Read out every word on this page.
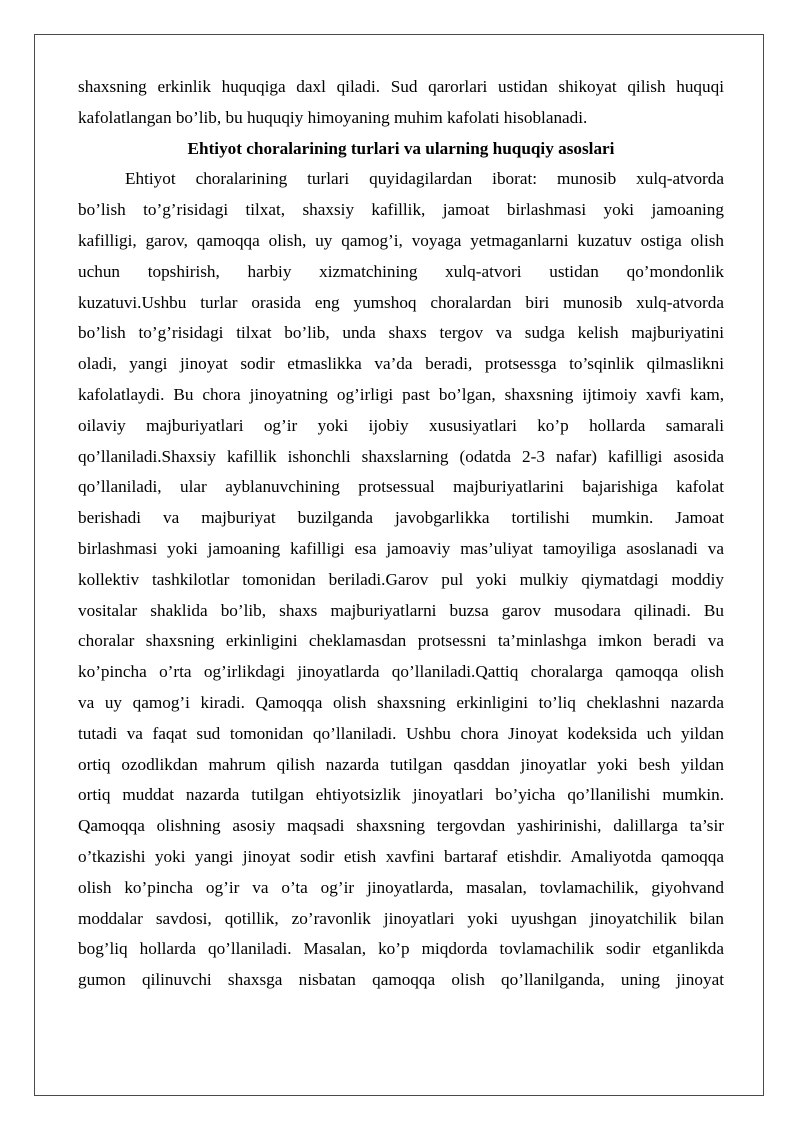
shaxsning erkinlik huquqiga daxl qiladi. Sud qarorlari ustidan shikoyat qilish huquqi
kafolatlangan bo’lib, bu huquqiy himoyaning muhim kafolati hisoblanadi.
Ehtiyot choralarining turlari va ularning huquqiy asoslari
Ehtiyot choralarining turlari quyidagilardan iborat: munosib xulq-atvorda
bo’lish to’g’risidagi tilxat, shaxsiy kafillik, jamoat birlashmasi yoki jamoaning
kafilligi, garov, qamoqqa olish, uy qamog’i, voyaga yetmaganlarni kuzatuv ostiga olish
uchun topshirish, harbiy xizmatchining xulq-atvori ustidan qo’mondonlik
kuzatuvi.Ushbu turlar orasida eng yumshoq choralardan biri munosib xulq-atvorda
bo’lish to’g’risidagi tilxat bo’lib, unda shaxs tergov va sudga kelish majburiyatini
oladi, yangi jinoyat sodir etmaslikka va’da beradi, protsessga to’sqinlik qilmaslikni
kafolatlaydi. Bu chora jinoyatning og’irligi past bo’lgan, shaxsning ijtimoiy xavfi kam,
oilaviy majburiyatlari og’ir yoki ijobiy xususiyatlari ko’p hollarda samarali
qo’llaniladi.Shaxsiy kafillik ishonchli shaxslarning (odatda 2-3 nafar) kafilligi asosida
qo’llaniladi, ular ayblanuvchining protsessual majburiyatlarini bajarishiga kafolat
berishadi va majburiyat buzilganda javobgarlikka tortilishi mumkin. Jamoat
birlashmasi yoki jamoaning kafilligi esa jamoaviy mas’uliyat tamoyiliga asoslanadi va
kollektiv tashkilotlar tomonidan beriladi.Garov pul yoki mulkiy qiymatdagi moddiy
vositalar shaklida bo’lib, shaxs majburiyatlarni buzsa garov musodara qilinadi. Bu
choralar shaxsning erkinligini cheklamasdan protsessni ta’minlashga imkon beradi va
ko’pincha o’rta og’irlikdagi jinoyatlarda qo’llaniladi.Qattiq choralarga qamoqqa olish
va uy qamog’i kiradi. Qamoqqa olish shaxsning erkinligini to’liq cheklashni nazarda
tutadi va faqat sud tomonidan qo’llaniladi. Ushbu chora Jinoyat kodeksida uch yildan
ortiq ozodlikdan mahrum qilish nazarda tutilgan qasddan jinoyatlar yoki besh yildan
ortiq muddat nazarda tutilgan ehtiyotsizlik jinoyatlari bo’yicha qo’llanilishi mumkin.
Qamoqqa olishning asosiy maqsadi shaxsning tergovdan yashirinishi, dalillarga ta’sir
o’tkazishi yoki yangi jinoyat sodir etish xavfini bartaraf etishdir. Amaliyotda qamoqqa
olish ko’pincha og’ir va o’ta og’ir jinoyatlarda, masalan, tovlamachilik, giyohvand
moddalar savdosi, qotillik, zo’ravonlik jinoyatlari yoki uyushgan jinoyatchilik bilan
bog’liq hollarda qo’llaniladi. Masalan, ko’p miqdorda tovlamachilik sodir etganlikda
gumon qilinuvchi shaxsga nisbatan qamoqqa olish qo’llanilganda, uning jinoyat
